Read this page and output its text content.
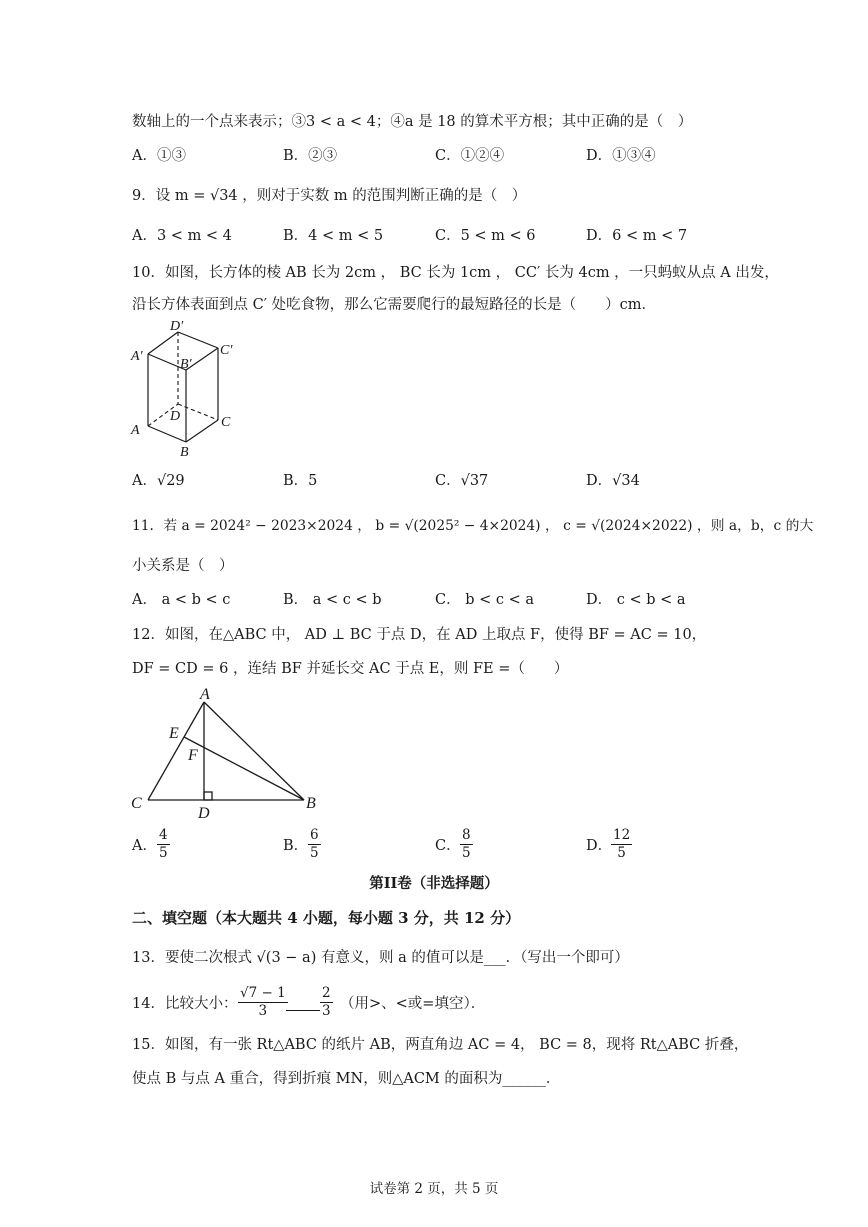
数轴上的一个点来表示；③3 < a < 4；④a 是 18 的算术平方根；其中正确的是（　）
A．①③	B．②③	C．①②④	D．①③④
9．设 m = √34 ，则对于实数 m 的范围判断正确的是（　）
A．3 < m < 4	B．4 < m < 5	C．5 < m < 6	D．6 < m < 7
10．如图，长方体的棱 AB 长为 2cm ， BC 长为 1cm ， CC′ 长为 4cm ，一只蚂蚁从点 A 出发，
沿长方体表面到点 C′ 处吃食物，那么它需要爬行的最短路径的长是（　　）cm．
D′
A′
B′
C′
D	C
A
B
A．√29	B．5	C．√37	D．√34
11．若 a = 2024² − 2023×2024 ， b = √(2025² − 4×2024) ， c = √(2024×2022) ，则 a，b，c 的大
小关系是（　）
A． a < b < c	B． a < c < b	C． b < c < a	D． c < b < a
12．如图，在△ABC 中， AD ⊥ BC 于点 D，在 AD 上取点 F，使得 BF = AC = 10，
DF = CD = 6 ，连结 BF 并延长交 AC 于点 E，则 FE =（　　）
A
E
F
C
D
B
A． $\frac{4}{5}$	B． $\frac{6}{5}$	C． $\frac{8}{5}$	D．
$\frac{12}{5}$
第II卷（非选择题）
二、填空题（本大题共 4 小题，每小题 3 分，共 12 分）
13．要使二次根式 √(3 − a) 有意义，则 a 的值可以是___．（写出一个即可）
14．比较大小： $\frac{√7 - 1}{3} \frac{2}{3}$ （用>、<或=填空）．
15．如图，有一张 Rt△ABC 的纸片 AB，两直角边 AC = 4， BC = 8，现将 Rt△ABC 折叠，
使点 B 与点 A 重合，得到折痕 MN，则△ACM 的面积为______．
试卷第 2 页，共 5 页
